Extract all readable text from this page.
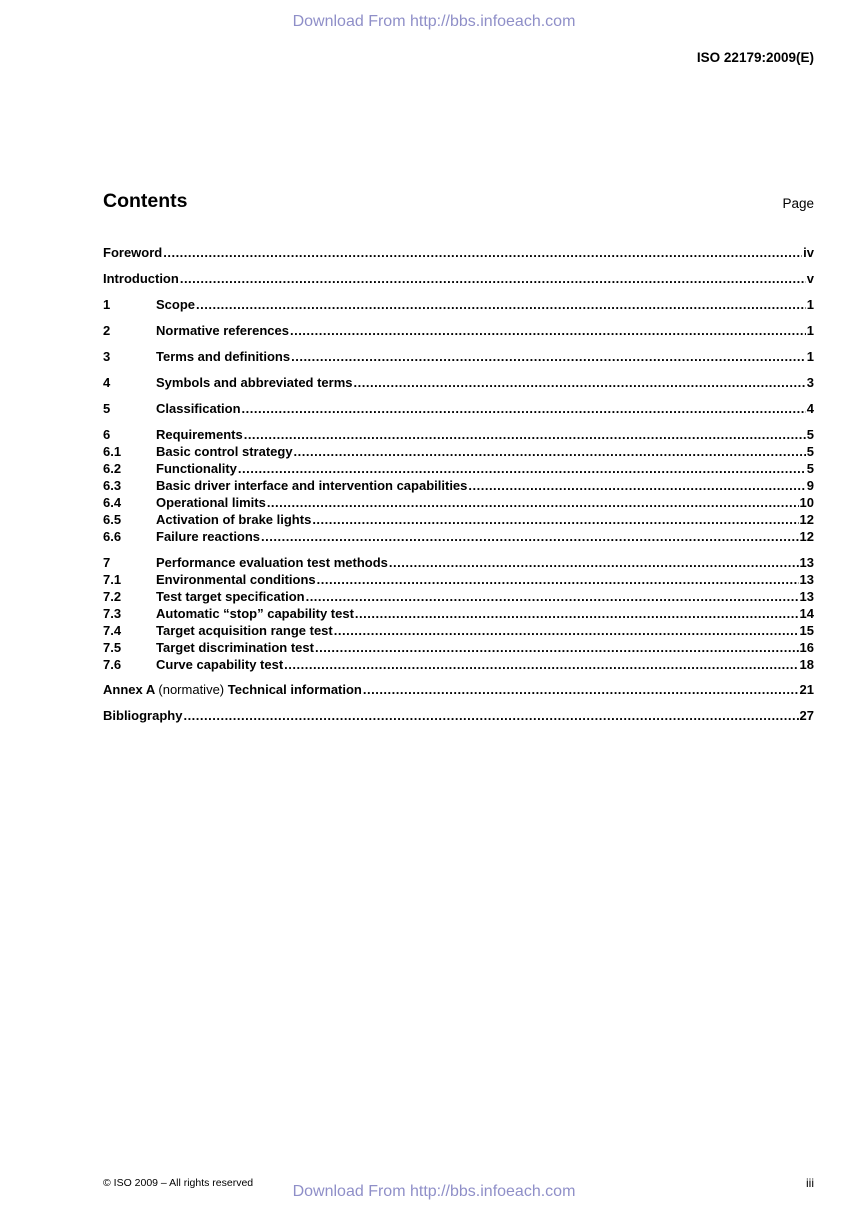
Download From http://bbs.infoeach.com
ISO 22179:2009(E)
Contents	Page
Foreword .....	iv
Introduction .....	v
1	Scope .....	1
2	Normative references .....	1
3	Terms and definitions .....	1
4	Symbols and abbreviated terms .....	3
5	Classification .....	4
6	Requirements .....	5
6.1	Basic control strategy .....	5
6.2	Functionality .....	5
6.3	Basic driver interface and intervention capabilities .....	9
6.4	Operational limits .....	10
6.5	Activation of brake lights .....	12
6.6	Failure reactions .....	12
7	Performance evaluation test methods .....	13
7.1	Environmental conditions .....	13
7.2	Test target specification .....	13
7.3	Automatic “stop” capability test .....	14
7.4	Target acquisition range test .....	15
7.5	Target discrimination test .....	16
7.6	Curve capability test .....	18
Annex A (normative) Technical information .....	21
Bibliography .....	27
© ISO 2009 – All rights reserved	Download From http://bbs.infoeach.com	iii
